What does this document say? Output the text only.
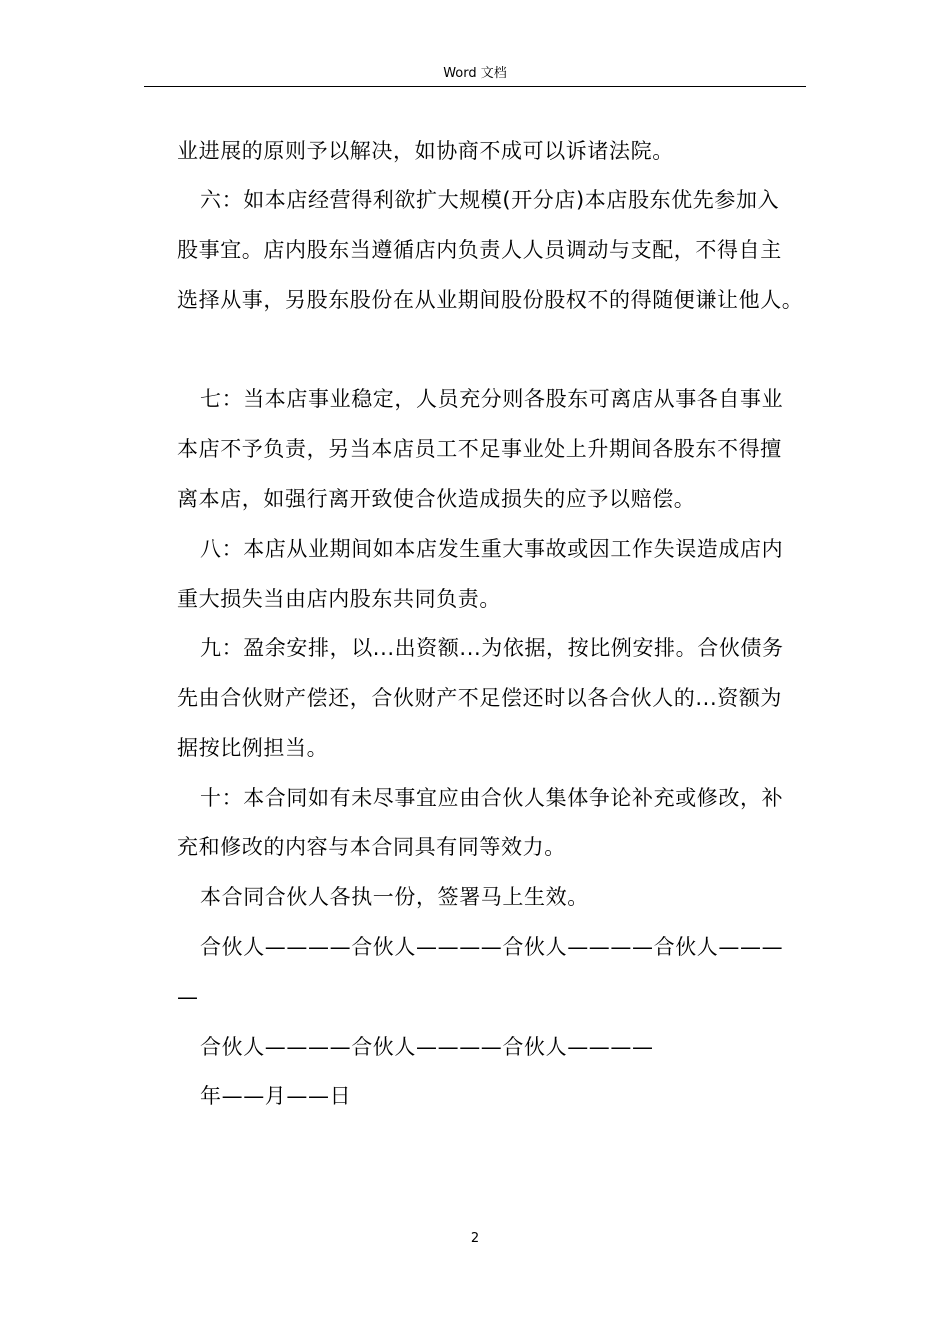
Word 文档
业进展的原则予以解决，如协商不成可以诉诸法院。
六：如本店经营得利欲扩大规模(开分店)本店股东优先参加入
股事宜。店内股东当遵循店内负责人人员调动与支配，不得自主
选择从事，另股东股份在从业期间股份股权不的得随便谦让他人。
七：当本店事业稳定，人员充分则各股东可离店从事各自事业
本店不予负责，另当本店员工不足事业处上升期间各股东不得擅
离本店，如强行离开致使合伙造成损失的应予以赔偿。
八：本店从业期间如本店发生重大事故或因工作失误造成店内
重大损失当由店内股东共同负责。
九：盈余安排，以...出资额...为依据，按比例安排。合伙债务
先由合伙财产偿还，合伙财产不足偿还时以各合伙人的...资额为
据按比例担当。
十：本合同如有未尽事宜应由合伙人集体争论补充或修改，补
充和修改的内容与本合同具有同等效力。
本合同合伙人各执一份，签署马上生效。
合伙人————合伙人————合伙人————合伙人———
—
合伙人————合伙人————合伙人————
年——月——日
2
